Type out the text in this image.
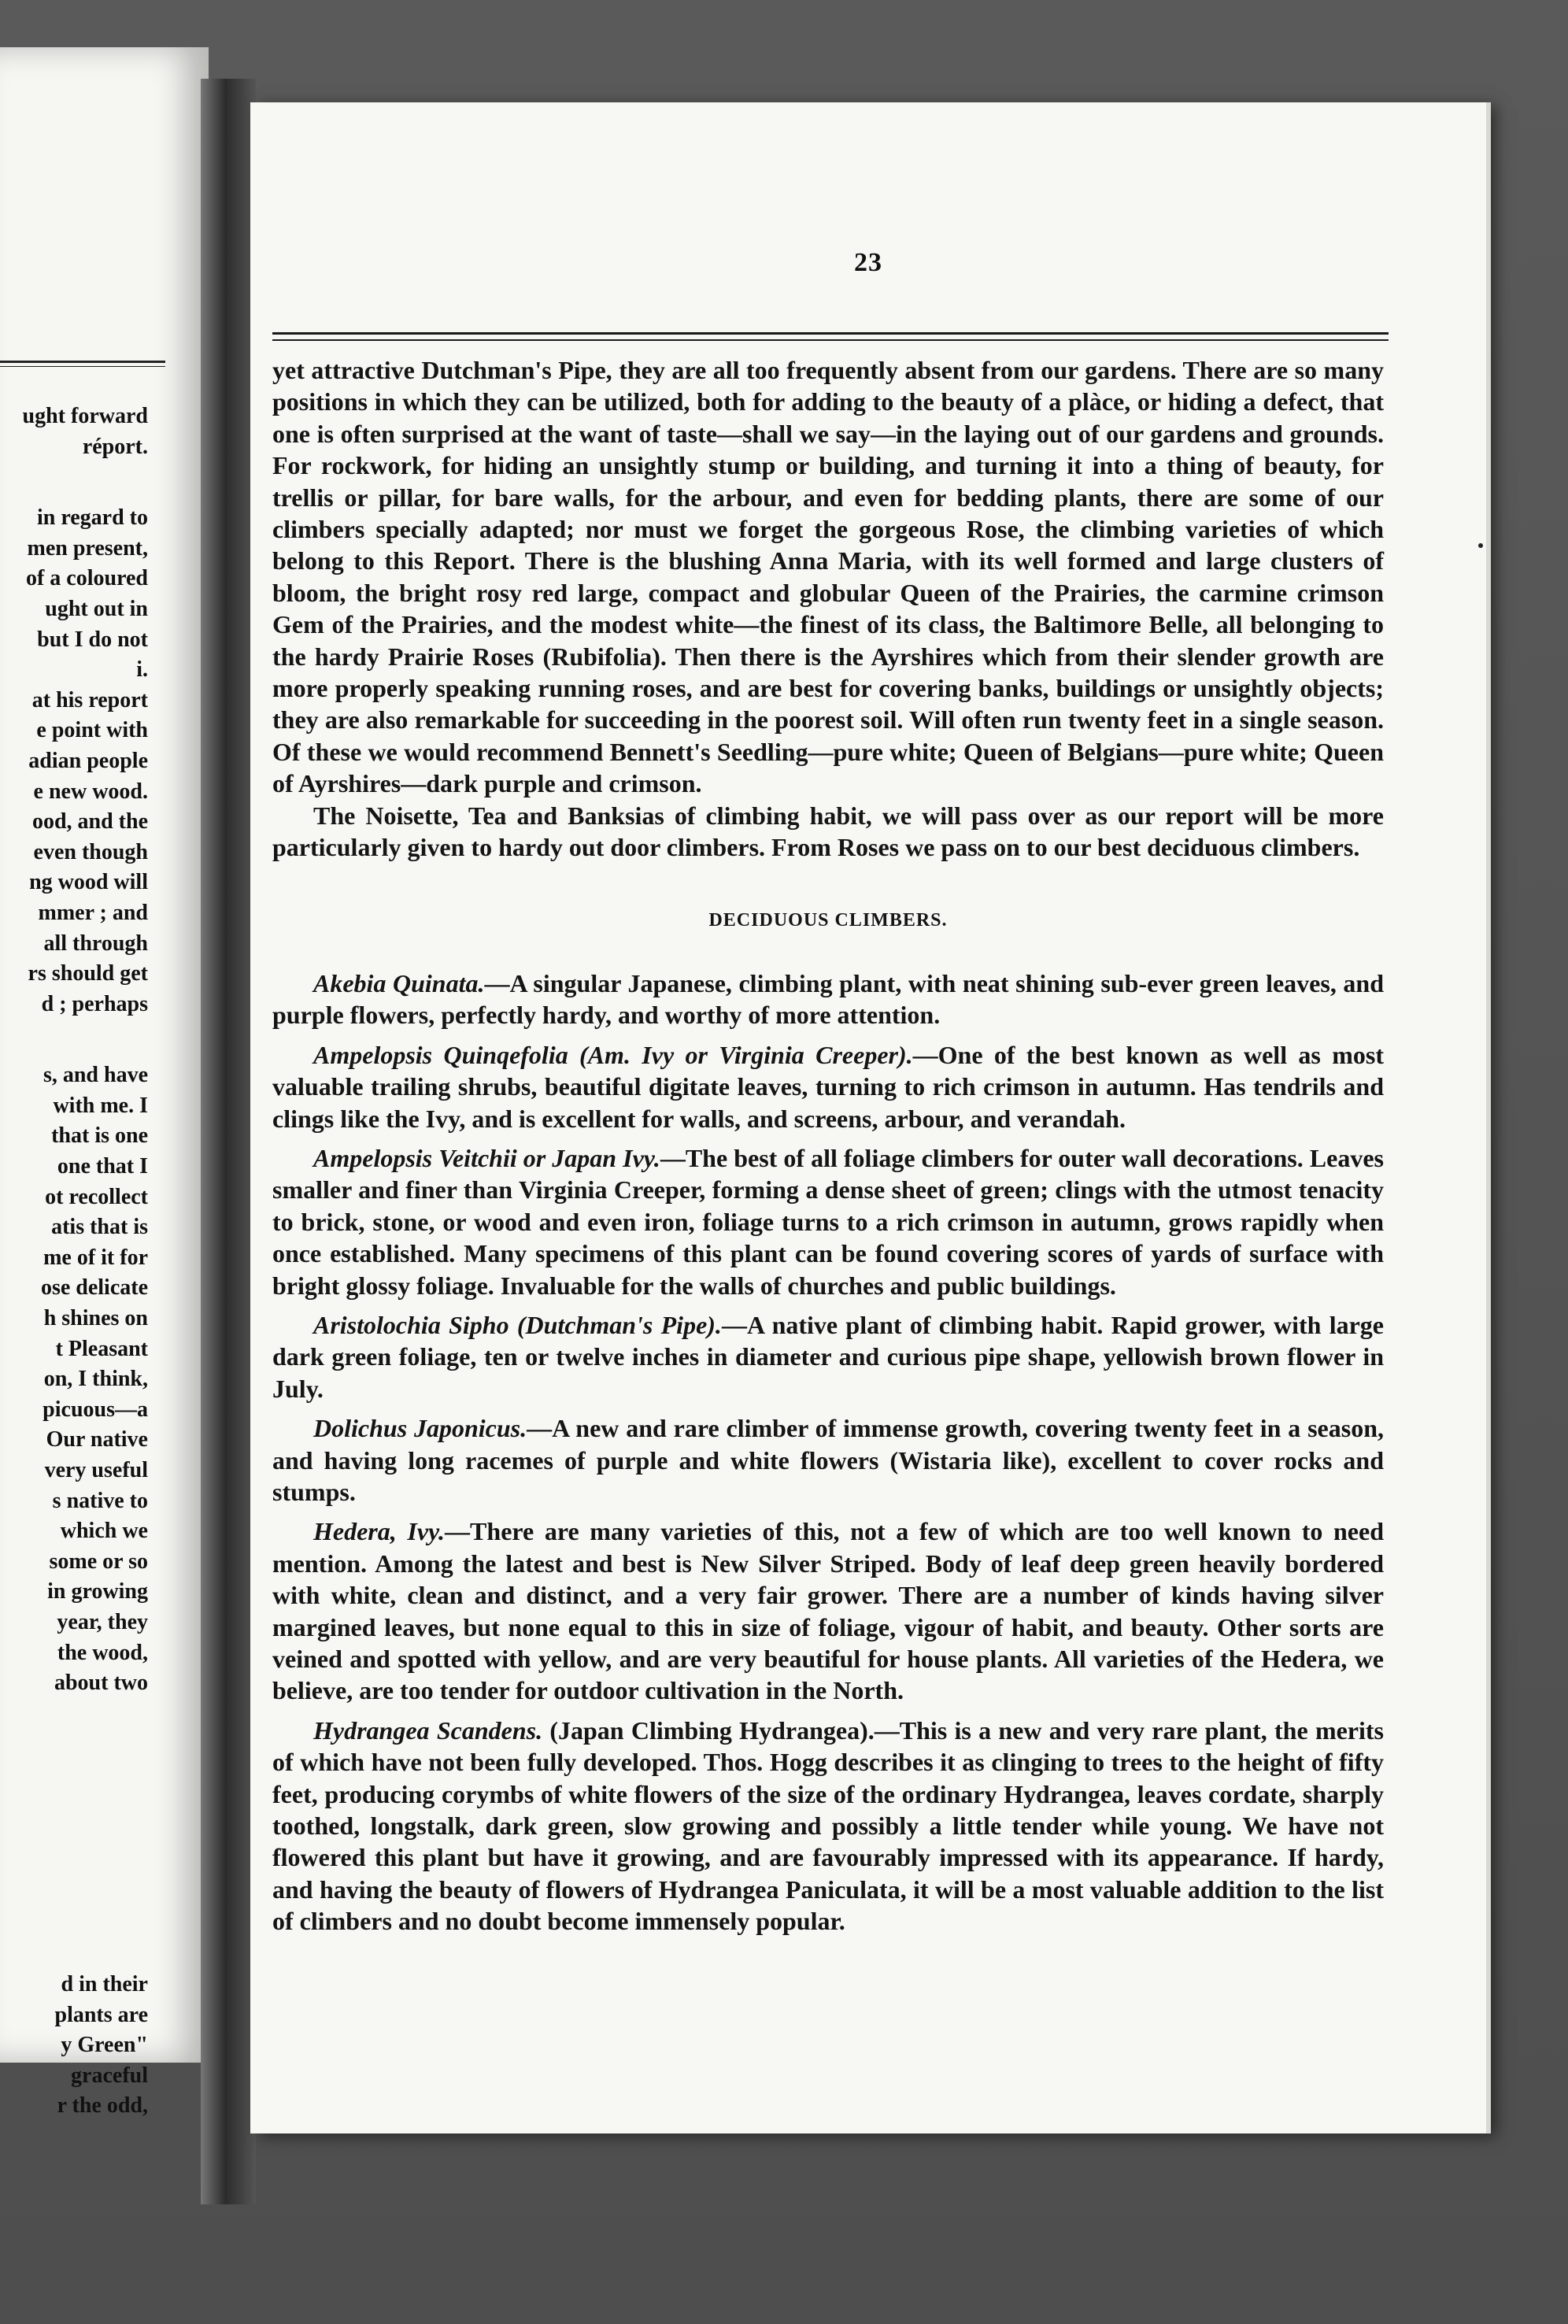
ught forward
réport.

in regard to
men present,
of a coloured
ught out in
but I do not
i.
at his report
e point with
adian people
e new wood.
ood, and the
even though
ng wood will
mmer ; and
all through
rs should get
d ; perhaps

s, and have
with me. I
that is one
one that I
ot recollect
atis that is
me of it for
ose delicate
h shines on
t Pleasant
on, I think,
picuous—a
Our native
very useful
s native to
which we
some or so
in growing
year, they
the wood,
about two
d in their
plants are
y Green"
graceful
r the odd,
23

yet attractive Dutchman's Pipe, they are all too frequently absent from our gardens. There are so many positions in which they can be utilized, both for adding to the beauty of a plàce, or hiding a defect, that one is often surprised at the want of taste—shall we say—in the laying out of our gardens and grounds. For rockwork, for hiding an unsightly stump or building, and turning it into a thing of beauty, for trellis or pillar, for bare walls, for the arbour, and even for bedding plants, there are some of our climbers specially adapted; nor must we forget the gorgeous Rose, the climbing varieties of which belong to this Report. There is the blushing Anna Maria, with its well formed and large clusters of bloom, the bright rosy red large, compact and globular Queen of the Prairies, the carmine crimson Gem of the Prairies, and the modest white—the finest of its class, the Baltimore Belle, all belonging to the hardy Prairie Roses (Rubifolia). Then there is the Ayrshires which from their slender growth are more properly speaking running roses, and are best for covering banks, buildings or unsightly objects; they are also remarkable for succeeding in the poorest soil. Will often run twenty feet in a single season. Of these we would recommend Bennett's Seedling—pure white; Queen of Belgians—pure white; Queen of Ayrshires—dark purple and crimson.

The Noisette, Tea and Banksias of climbing habit, we will pass over as our report will be more particularly given to hardy out door climbers. From Roses we pass on to our best deciduous climbers.

DECIDUOUS CLIMBERS.

Akebia Quinata.—A singular Japanese, climbing plant, with neat shining sub-ever green leaves, and purple flowers, perfectly hardy, and worthy of more attention.

Ampelopsis Quinqefolia (Am. Ivy or Virginia Creeper).—One of the best known as well as most valuable trailing shrubs, beautiful digitate leaves, turning to rich crimson in autumn. Has tendrils and clings like the Ivy, and is excellent for walls, and screens, arbour, and verandah.

Ampelopsis Veitchii or Japan Ivy.—The best of all foliage climbers for outer wall decorations. Leaves smaller and finer than Virginia Creeper, forming a dense sheet of green; clings with the utmost tenacity to brick, stone, or wood and even iron, foliage turns to a rich crimson in autumn, grows rapidly when once established. Many specimens of this plant can be found covering scores of yards of surface with bright glossy foliage. Invaluable for the walls of churches and public buildings.

Aristolochia Sipho (Dutchman's Pipe).—A native plant of climbing habit. Rapid grower, with large dark green foliage, ten or twelve inches in diameter and curious pipe shape, yellowish brown flower in July.

Dolichus Japonicus.—A new and rare climber of immense growth, covering twenty feet in a season, and having long racemes of purple and white flowers (Wistaria like), excellent to cover rocks and stumps.

Hedera, Ivy.—There are many varieties of this, not a few of which are too well known to need mention. Among the latest and best is New Silver Striped. Body of leaf deep green heavily bordered with white, clean and distinct, and a very fair grower. There are a number of kinds having silver margined leaves, but none equal to this in size of foliage, vigour of habit, and beauty. Other sorts are veined and spotted with yellow, and are very beautiful for house plants. All varieties of the Hedera, we believe, are too tender for outdoor cultivation in the North.

Hydrangea Scandens. (Japan Climbing Hydrangea).—This is a new and very rare plant, the merits of which have not been fully developed. Thos. Hogg describes it as clinging to trees to the height of fifty feet, producing corymbs of white flowers of the size of the ordinary Hydrangea, leaves cordate, sharply toothed, longstalk, dark green, slow growing and possibly a little tender while young. We have not flowered this plant but have it growing, and are favourably impressed with its appearance. If hardy, and having the beauty of flowers of Hydrangea Paniculata, it will be a most valuable addition to the list of climbers and no doubt become immensely popular.
